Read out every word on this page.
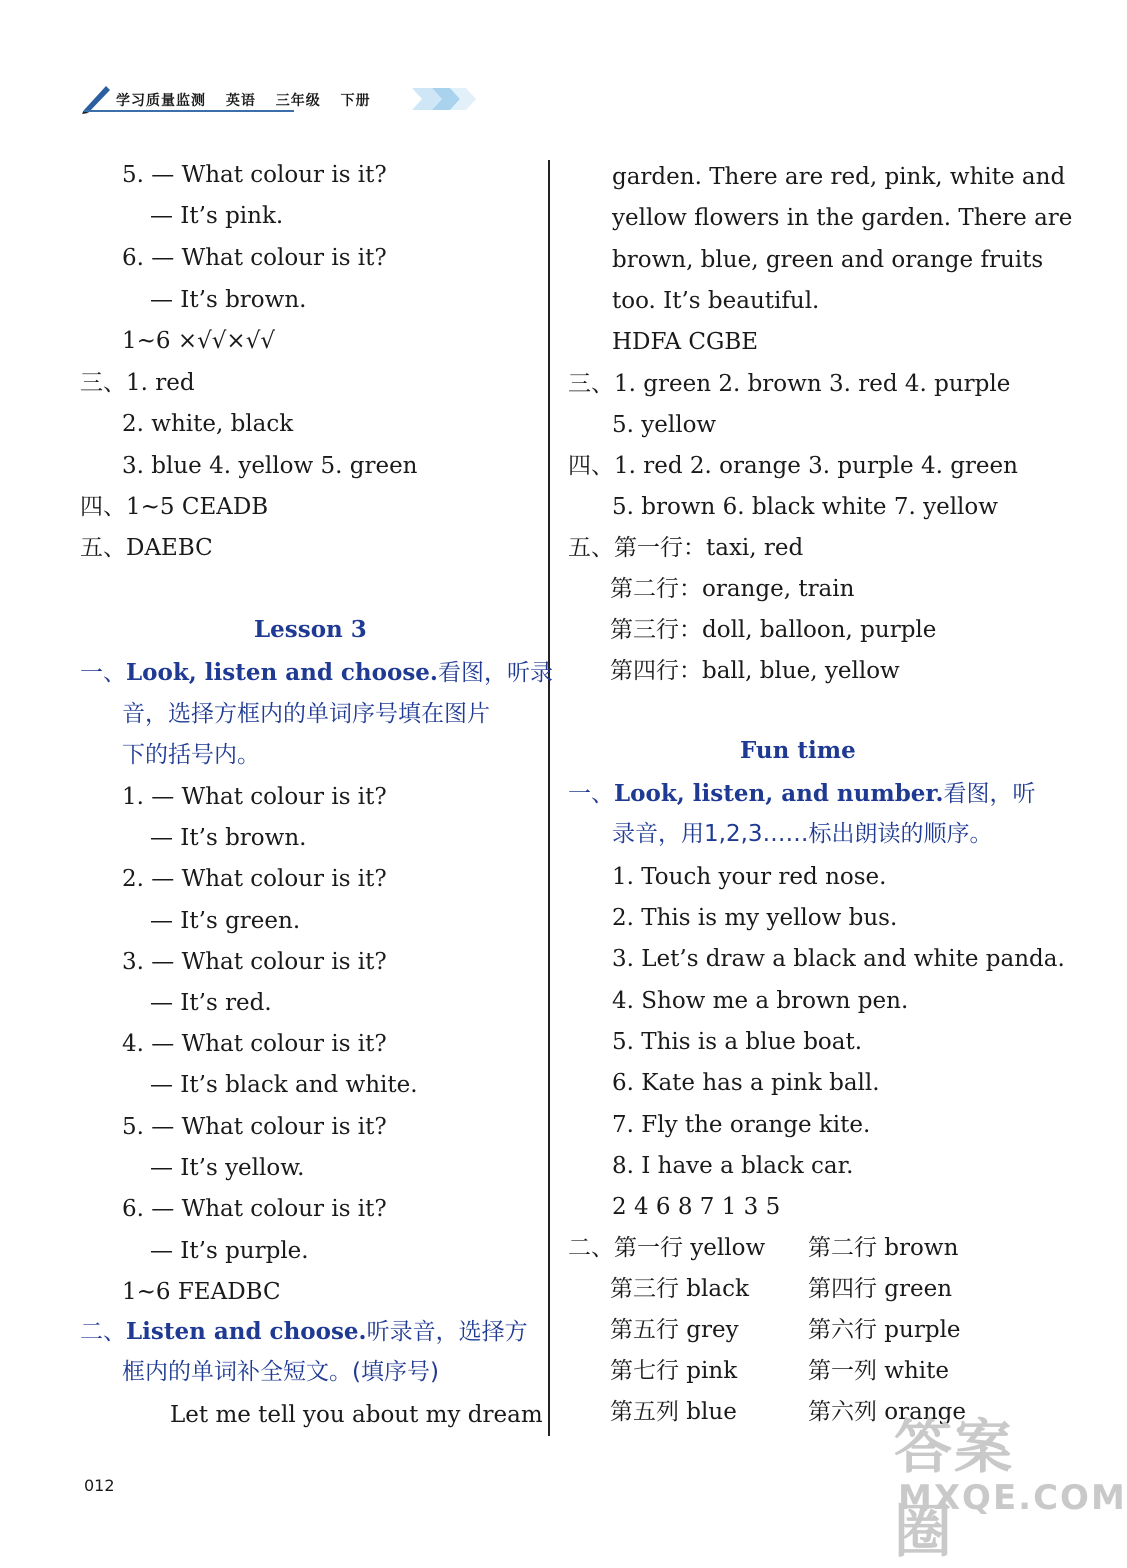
学习质量监测 英语 三年级 下册
5. — What colour is it?
— It’s pink.
6. — What colour is it?
— It’s brown.
1~6 ×√√×√√
三、1. red
2. white, black
3. blue 4. yellow 5. green
四、1~5 CEADB
五、DAEBC
Lesson 3
一、Look, listen and choose.看图，听录
音，选择方框内的单词序号填在图片
下的括号内。
1. — What colour is it?
— It’s brown.
2. — What colour is it?
— It’s green.
3. — What colour is it?
— It’s red.
4. — What colour is it?
— It’s black and white.
5. — What colour is it?
— It’s yellow.
6. — What colour is it?
— It’s purple.
1~6 FEADBC
二、Listen and choose.听录音，选择方
框内的单词补全短文。(填序号)
Let me tell you about my dream
garden. There are red, pink, white and
yellow flowers in the garden. There are
brown, blue, green and orange fruits
too. It’s beautiful.
HDFA CGBE
三、1. green 2. brown 3. red 4. purple
5. yellow
四、1. red 2. orange 3. purple 4. green
5. brown 6. black white 7. yellow
五、第一行：taxi, red
第二行：orange, train
第三行：doll, balloon, purple
第四行：ball, blue, yellow
Fun time
一、Look, listen, and number.看图，听
录音，用1,2,3……标出朗读的顺序。
1. Touch your red nose.
2. This is my yellow bus.
3. Let’s draw a black and white panda.
4. Show me a brown pen.
5. This is a blue boat.
6. Kate has a pink ball.
7. Fly the orange kite.
8. I have a black car.
2 4 6 8 7 1 3 5
二、第一行 yellow 第二行 brown
第三行 black	第四行 green
第五行 grey	第六行 purple
第七行 pink	第一列 white
第五列 blue	第六列 orange
012
答案圈
MXQE.COM
